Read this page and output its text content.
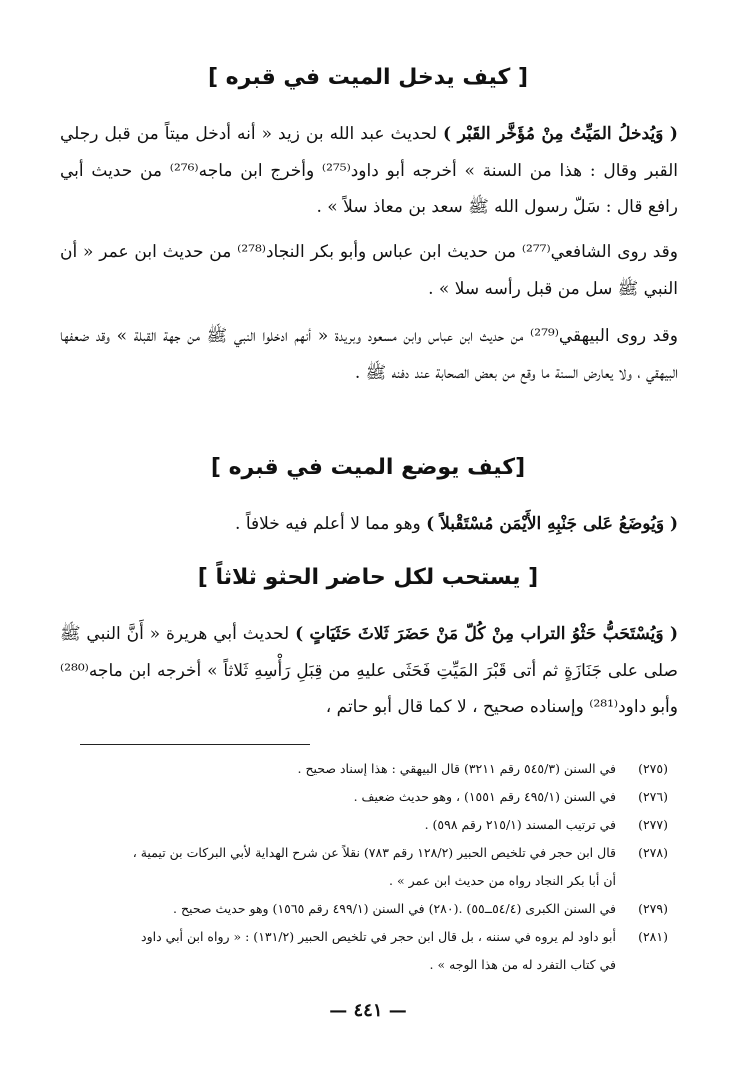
[ كيف يدخل الميت في قبره ]

( وَيُدخلُ المَيِّتُ مِنْ مُؤَخَّر القَبْر ) لحديث عبد الله بن زيد « أنه أدخل ميتاً من قبل رجلي القبر وقال : هذا من السنة » أخرجه أبو داود⁽²⁷⁵⁾ وأخرج ابن ماجه⁽²⁷⁶⁾ من حديث أبي رافع قال : سَلّ رسول الله ﷺ سعد بن معاذ سلاً » .

وقد روى الشافعي⁽²⁷⁷⁾ من حديث ابن عباس وأبو بكر النجاد⁽²⁷⁸⁾ من حديث ابن عمر « أن النبي ﷺ سل من قبل رأسه سلا » .

وقد روى البيهقي⁽²⁷⁹⁾ من حديث ابن عباس وابن مسعود وبريدة « أنهم ادخلوا النبي ﷺ من جهة القبلة » وقد ضعفها البيهقي ، ولا يعارض السنة ما وقع من بعض الصحابة عند دفنه ﷺ .

[كيف يوضع الميت في قبره ]

( وَيُوضَعُ عَلى جَنْبِهِ الأَيْمَن مُسْتَقْبلاً ) وهو مما لا أعلم فيه خلافاً .

[ يستحب لكل حاضر الحثو ثلاثاً ]

( وَيُسْتَحَبُّ حَثْوُ التراب مِنْ كُلّ مَنْ حَضَرَ ثَلاثَ حَثَيَاتٍ ) لحديث أبي هريرة « أَنَّ النبي ﷺ صلى على جَنَازَةٍ ثم أتى قَبْرَ المَيِّتِ فَحَثَى عليهِ من قِبَلِ رَأْسِهِ ثَلاثاً » أخرجه ابن ماجه⁽²⁸⁰⁾ وأبو داود⁽²⁸¹⁾ وإسناده صحيح ، لا كما قال أبو حاتم ،

(٢٧٥)
في السنن (٥٤٥/٣ رقم ٣٢١١) قال البيهقي : هذا إسناد صحيح .
(٢٧٦)
في السنن (٤٩٥/١ رقم ١٥٥١) ، وهو حديث ضعيف .
(٢٧٧)
في ترتيب المسند (٢١٥/١ رقم ٥٩٨) .
(٢٧٨)
قال ابن حجر في تلخيص الحبير (١٢٨/٢ رقم ٧٨٣) نقلاً عن شرح الهداية لأبي البركات بن تيمية ،
أن أبا بكر النجاد رواه من حديث ابن عمر » .
(٢٧٩)
في السنن الكبرى (٥٤/٤ــ٥٥) .(٢٨٠) في السنن (٤٩٩/١ رقم ١٥٦٥) وهو حديث صحيح .
(٢٨١)
أبو داود لم يروه في سننه ، بل قال ابن حجر في تلخيص الحبير (١٣١/٢) : « رواه ابن أبي داود
في كتاب التفرد له من هذا الوجه » .
— ٤٤١ —
